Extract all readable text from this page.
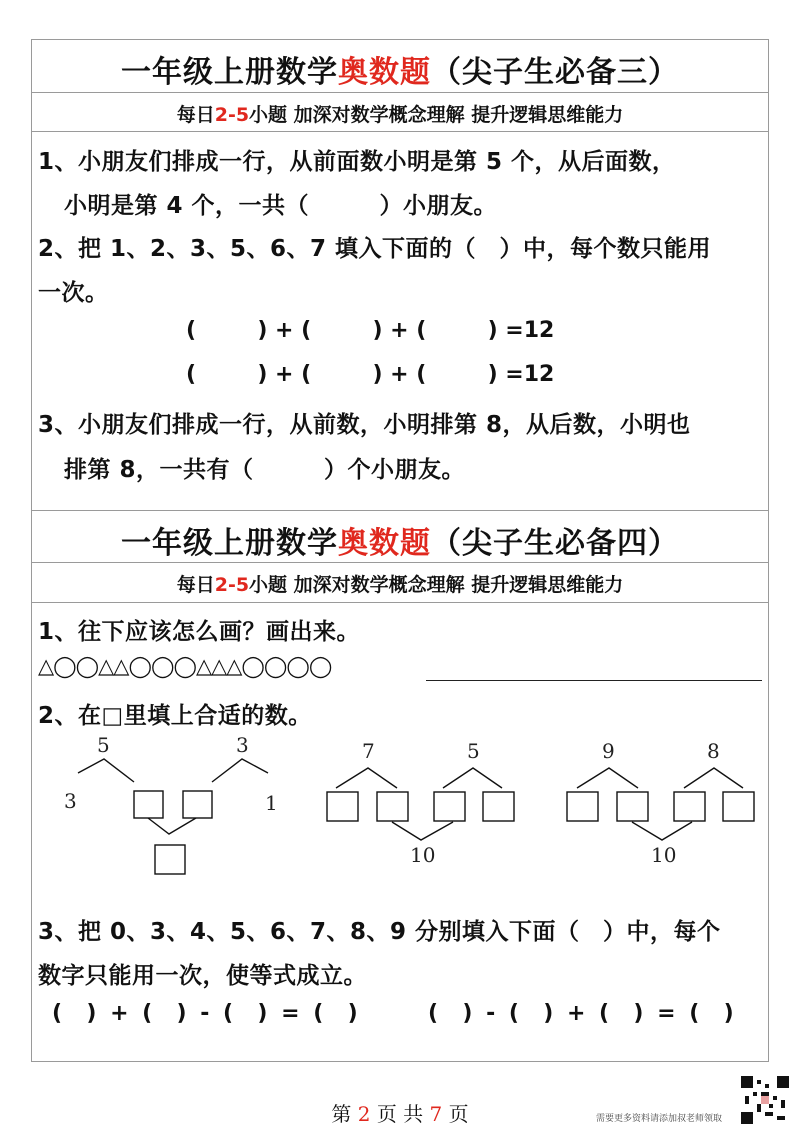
一年级上册数学奥数题（尖子生必备三）
每日2-5小题 加深对数学概念理解 提升逻辑思维能力
1、小朋友们排成一行，从前面数小明是第 5 个，从后面数，
小明是第 4 个，一共（　　　）小朋友。
2、把 1、2、3、5、6、7 填入下面的（　）中，每个数只能用
一次。
(        ) + (        ) + (        ) =12
(        ) + (        ) + (        ) =12
3、小朋友们排成一行，从前数，小明排第 8，从后数，小明也
排第 8，一共有（　　　）个小朋友。
一年级上册数学奥数题（尖子生必备四）
每日2-5小题 加深对数学概念理解 提升逻辑思维能力
1、往下应该怎么画？画出来。
△◯◯△△◯◯◯△△△◯◯◯◯
2、在□里填上合适的数。
5
3
3
1
7	5
10
9	8
10
3、把 0、3、4、5、6、7、8、9 分别填入下面（　）中，每个
数字只能用一次，使等式成立。
(  ) + (  ) - (  ) = (  )	(  ) - (  ) + (  ) = (  )
第 2 页 共 7 页	需要更多资料请添加叔老师领取
